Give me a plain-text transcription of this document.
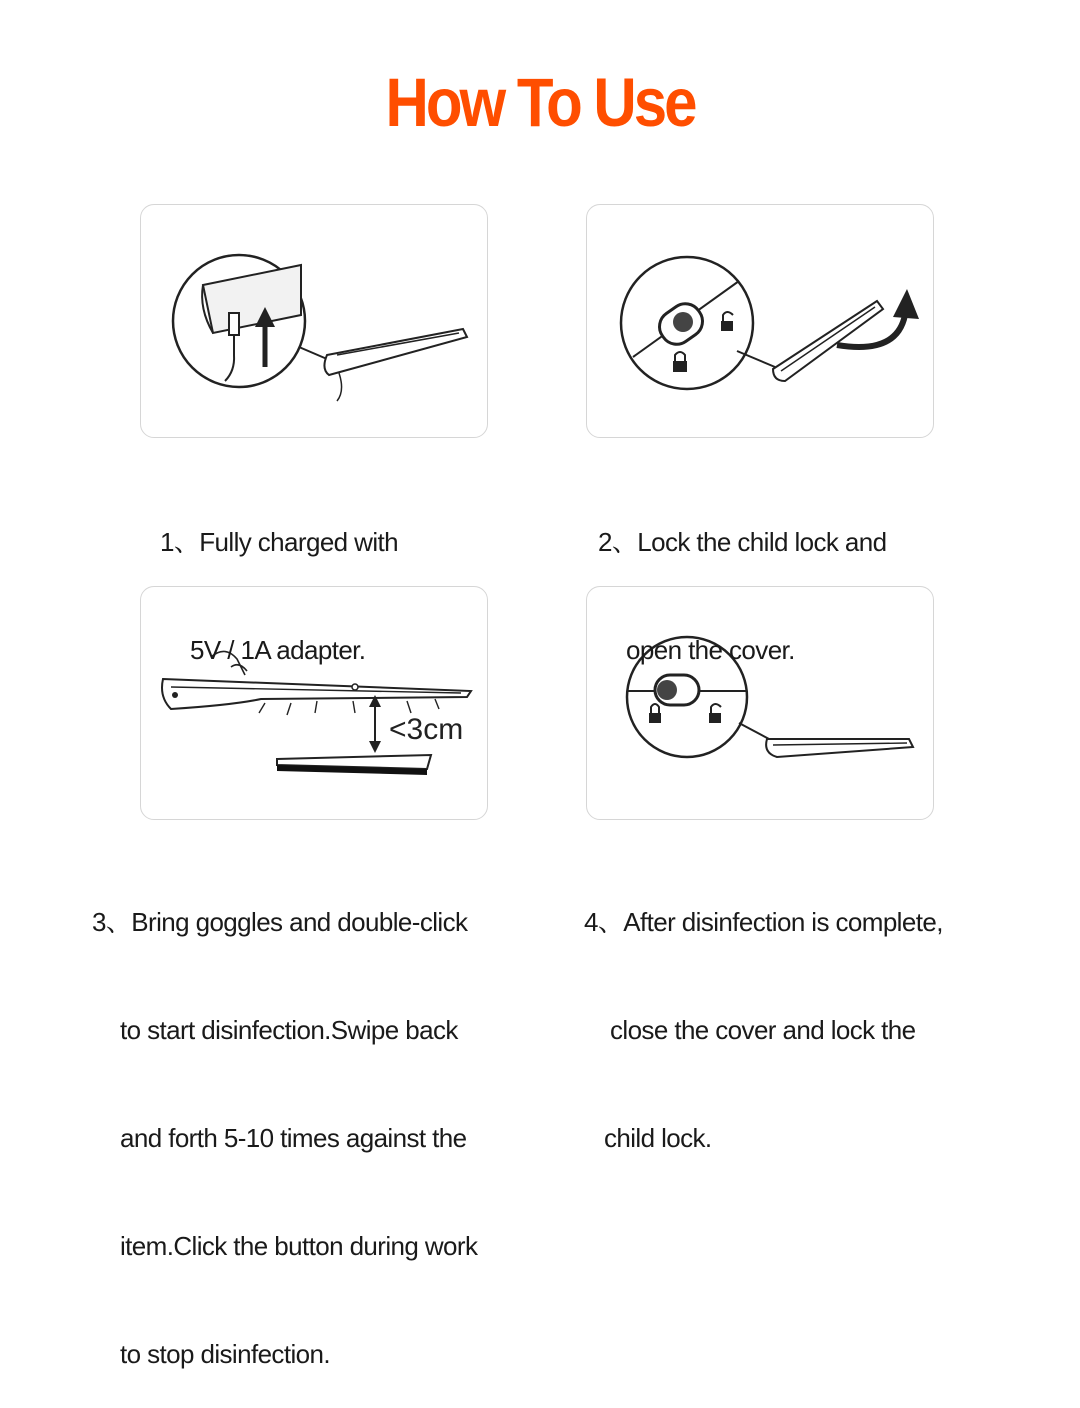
How To Use
<3cm

1、Fully charged with

5V / 1A adapter.

2、Lock the child lock and

open the cover.

3、Bring goggles and double-click

to start disinfection.Swipe back

and forth 5-10 times against the

item.Click the button during work

to stop disinfection.

4、After disinfection is complete,

close the cover and lock the

child lock.
